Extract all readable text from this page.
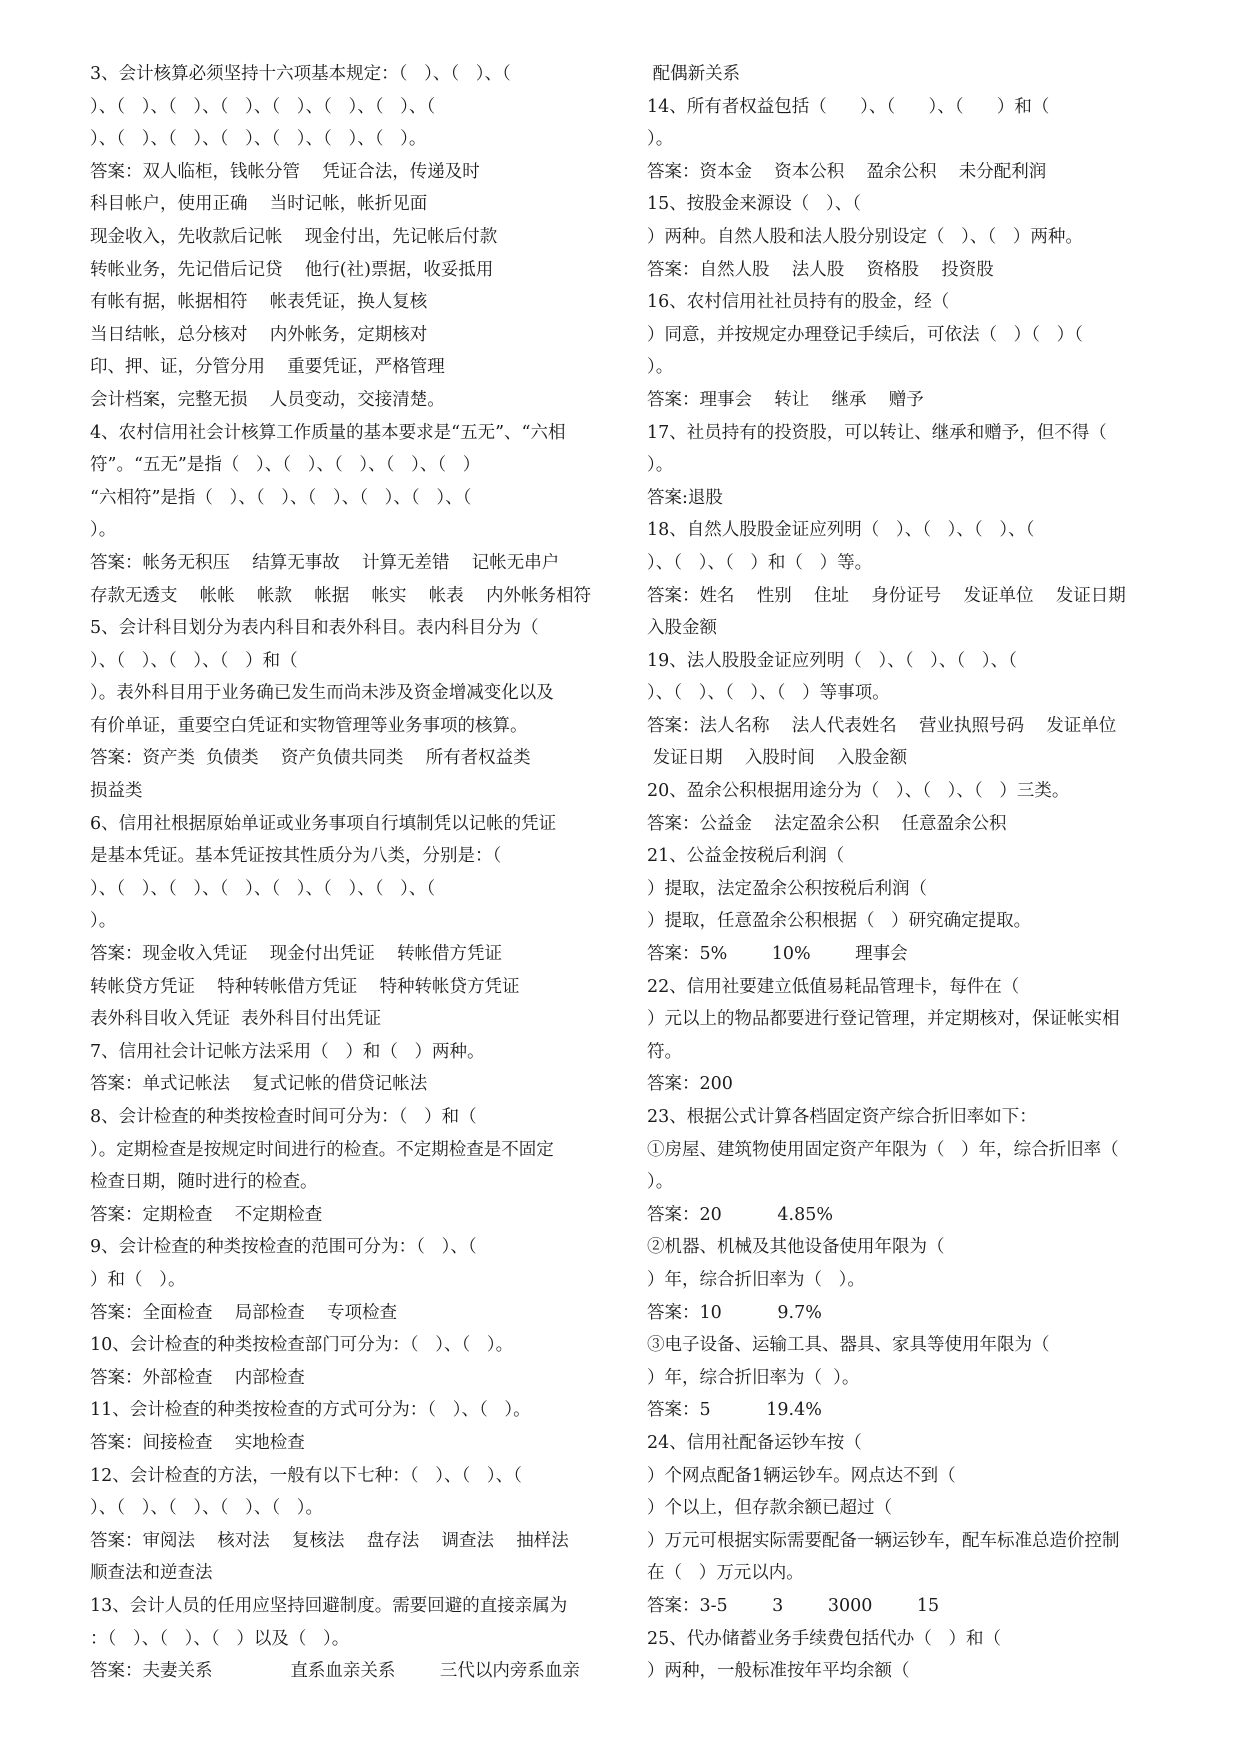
3、会计核算必须坚持十六项基本规定：（   ）、（   ）、（
）、（   ）、（   ）、（   ）、（   ）、（   ）、（   ）、（
）、（   ）、（   ）、（   ）、（   ）、（   ）、（   ）。
答案：双人临柜，钱帐分管    凭证合法，传递及时
科目帐户，使用正确    当时记帐，帐折见面
现金收入，先收款后记帐    现金付出，先记帐后付款
转帐业务，先记借后记贷    他行(社)票据，收妥抵用
有帐有据，帐据相符    帐表凭证，换人复核
当日结帐，总分核对    内外帐务，定期核对
印、押、证，分管分用    重要凭证，严格管理
会计档案，完整无损    人员变动，交接清楚。
4、农村信用社会计核算工作质量的基本要求是“五无”、“六相
符”。“五无”是指（   ）、（   ）、（   ）、（   ）、（   ）
“六相符”是指（   ）、（   ）、（   ）、（   ）、（   ）、（
）。
答案：帐务无积压    结算无事故    计算无差错    记帐无串户
存款无透支    帐帐    帐款    帐据    帐实    帐表    内外帐务相符
5、会计科目划分为表内科目和表外科目。表内科目分为（
）、（   ）、（   ）、（   ）和（
）。表外科目用于业务确已发生而尚未涉及资金增减变化以及
有价单证，重要空白凭证和实物管理等业务事项的核算。
答案：资产类  负债类    资产负债共同类    所有者权益类
损益类
6、信用社根据原始单证或业务事项自行填制凭以记帐的凭证
是基本凭证。基本凭证按其性质分为八类，分别是：（
）、（   ）、（   ）、（   ）、（   ）、（   ）、（   ）、（
）。
答案：现金收入凭证    现金付出凭证    转帐借方凭证
转帐贷方凭证    特种转帐借方凭证    特种转帐贷方凭证
表外科目收入凭证  表外科目付出凭证
7、信用社会计记帐方法采用（   ）和（   ）两种。
答案：单式记帐法    复式记帐的借贷记帐法
8、会计检查的种类按检查时间可分为：（   ）和（
）。定期检查是按规定时间进行的检查。不定期检查是不固定
检查日期，随时进行的检查。
答案：定期检查    不定期检查
9、会计检查的种类按检查的范围可分为：（   ）、（
）和（   ）。
答案：全面检查    局部检查    专项检查
10、会计检查的种类按检查部门可分为：（   ）、（   ）。
答案：外部检查    内部检查
11、会计检查的种类按检查的方式可分为：（   ）、（   ）。
答案：间接检查    实地检查
12、会计检查的方法，一般有以下七种：（   ）、（   ）、（
）、（   ）、（   ）、（   ）、（   ）。
答案：审阅法    核对法    复核法    盘存法    调查法    抽样法
顺查法和逆查法
13、会计人员的任用应坚持回避制度。需要回避的直接亲属为
：（   ）、（   ）、（   ）以及（   ）。
答案：夫妻关系              直系血亲关系        三代以内旁系血亲
配偶新关系
14、所有者权益包括（      ）、（      ）、（      ）和（
）。
答案：资本金    资本公积    盈余公积    未分配利润
15、按股金来源设（   ）、（
）两种。自然人股和法人股分别设定（   ）、（   ）两种。
答案：自然人股    法人股    资格股    投资股
16、农村信用社社员持有的股金，经（
）同意，并按规定办理登记手续后，可依法（   ）（   ）（
）。
答案：理事会    转让    继承    赠予
17、社员持有的投资股，可以转让、继承和赠予，但不得（
）。
答案:退股
18、自然人股股金证应列明（   ）、（   ）、（   ）、（
）、（   ）、（   ）和（   ）等。
答案：姓名    性别    住址    身份证号    发证单位    发证日期
入股金额
19、法人股股金证应列明（   ）、（   ）、（   ）、（
）、（   ）、（   ）、（   ）等事项。
答案：法人名称    法人代表姓名    营业执照号码    发证单位
发证日期    入股时间    入股金额
20、盈余公积根据用途分为（   ）、（   ）、（   ）三类。
答案：公益金    法定盈余公积    任意盈余公积
21、公益金按税后利润（
）提取，法定盈余公积按税后利润（
）提取，任意盈余公积根据（   ）研究确定提取。
答案：5%        10%        理事会
22、信用社要建立低值易耗品管理卡，每件在（
）元以上的物品都要进行登记管理，并定期核对，保证帐实相
符。
答案：200
23、根据公式计算各档固定资产综合折旧率如下：
①房屋、建筑物使用固定资产年限为（   ）年，综合折旧率（
）。
答案：20          4.85%
②机器、机械及其他设备使用年限为（
）年，综合折旧率为（   ）。
答案：10          9.7%
③电子设备、运输工具、器具、家具等使用年限为（
）年，综合折旧率为（  ）。
答案：5          19.4%
24、信用社配备运钞车按（
）个网点配备1辆运钞车。网点达不到（
）个以上，但存款余额已超过（
）万元可根据实际需要配备一辆运钞车，配车标准总造价控制
在（   ）万元以内。
答案：3-5        3        3000        15
25、代办储蓄业务手续费包括代办（   ）和（
）两种，一般标准按年平均余额（
